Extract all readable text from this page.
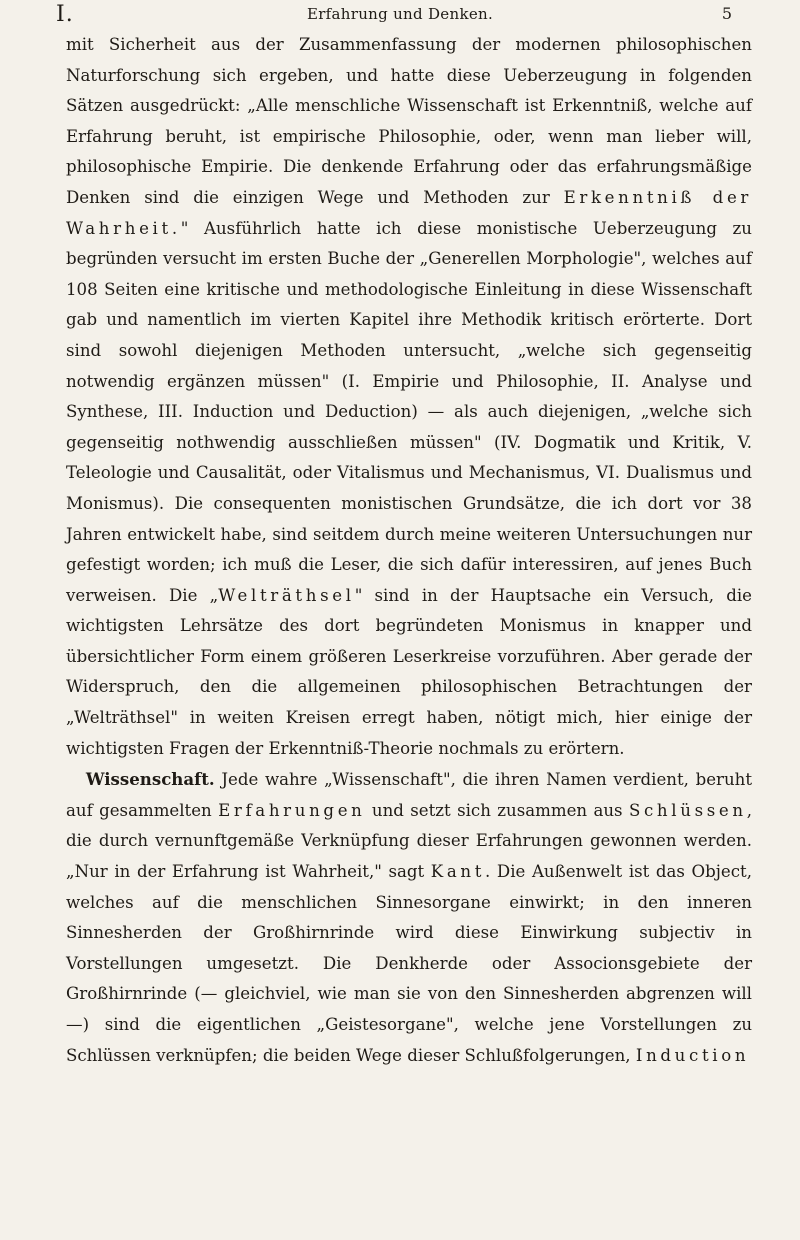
I.	Erfahrung und Denken.	5

mit Sicherheit aus der Zusammenfassung der modernen philosophischen Naturforschung sich ergeben, und hatte diese Ueberzeugung in folgenden Sätzen ausgedrückt: „Alle menschliche Wissenschaft ist Erkenntniß, welche auf Erfahrung beruht, ist empirische Philosophie, oder, wenn man lieber will, philosophische Empirie. Die denkende Erfahrung oder das erfahrungsmäßige Denken sind die einzigen Wege und Methoden zur Erkenntniß der Wahrheit." Ausführlich hatte ich diese monistische Ueberzeugung zu begründen versucht im ersten Buche der „Generellen Morphologie", welches auf 108 Seiten eine kritische und methodologische Einleitung in diese Wissenschaft gab und namentlich im vierten Kapitel ihre Methodik kritisch erörterte. Dort sind sowohl diejenigen Methoden untersucht, „welche sich gegenseitig notwendig ergänzen müssen" (I. Empirie und Philosophie, II. Analyse und Synthese, III. Induction und Deduction) — als auch diejenigen, „welche sich gegenseitig nothwendig ausschließen müssen" (IV. Dogmatik und Kritik, V. Teleologie und Causalität, oder Vitalismus und Mechanismus, VI. Dualismus und Monismus). Die consequenten monistischen Grundsätze, die ich dort vor 38 Jahren entwickelt habe, sind seitdem durch meine weiteren Untersuchungen nur gefestigt worden; ich muß die Leser, die sich dafür interessiren, auf jenes Buch verweisen. Die „Welträthsel" sind in der Hauptsache ein Versuch, die wichtigsten Lehrsätze des dort begründeten Monismus in knapper und übersichtlicher Form einem größeren Leserkreise vorzuführen. Aber gerade der Widerspruch, den die allgemeinen philosophischen Betrachtungen der „Welträthsel" in weiten Kreisen erregt haben, nötigt mich, hier einige der wichtigsten Fragen der Erkenntniß-Theorie nochmals zu erörtern.

Wissenschaft. Jede wahre „Wissenschaft", die ihren Namen verdient, beruht auf gesammelten Erfahrungen und setzt sich zusammen aus Schlüssen, die durch vernunftgemäße Verknüpfung dieser Erfahrungen gewonnen werden. „Nur in der Erfahrung ist Wahrheit," sagt Kant. Die Außenwelt ist das Object, welches auf die menschlichen Sinnesorgane einwirkt; in den inneren Sinnesherden der Großhirnrinde wird diese Einwirkung subjectiv in Vorstellungen umgesetzt. Die Denkherde oder Associonsgebiete der Großhirnrinde (— gleichviel, wie man sie von den Sinnesherden abgrenzen will —) sind die eigentlichen „Geistesorgane", welche jene Vorstellungen zu Schlüssen verknüpfen; die beiden Wege dieser Schlußfolgerungen, Induction
